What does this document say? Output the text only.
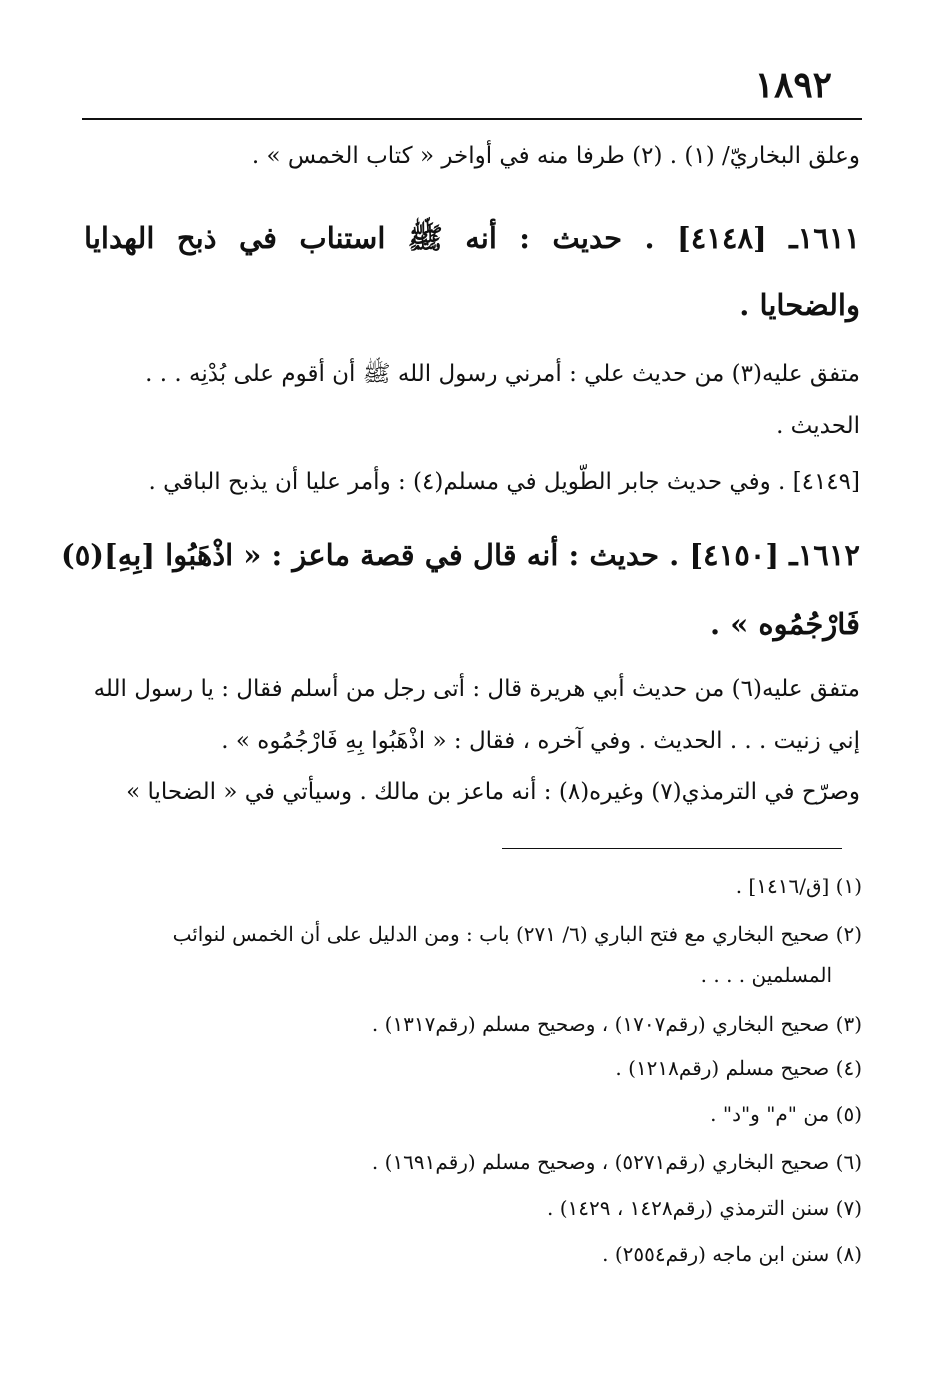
١٨٩٢
وعلق البخاريّ/ (١) . (٢) طرفا منه في أواخر « كتاب الخمس » .
١٦١١ـ [٤١٤٨] . حديث : أنه ﷺ استناب في ذبح الهدايا
والضحايا .
متفق عليه(٣) من حديث علي : أمرني رسول الله ﷺ أن أقوم على بُدْنِه . . .
الحديث .
[٤١٤٩] . وفي حديث جابر الطّويل في مسلم(٤) : وأمر عليا أن يذبح الباقي .
١٦١٢ـ [٤١٥٠] . حديث : أنه قال في قصة ماعز : « اذْهَبُوا [بِهِ](٥)
فَارْجُمُوه » .
متفق عليه(٦) من حديث أبي هريرة قال : أتى رجل من أسلم فقال : يا رسول الله
إني زنيت . . . الحديث . وفي آخره ، فقال : « اذْهَبُوا بِهِ فَارْجُمُوه » .
وصرّح في الترمذي(٧) وغيره(٨) : أنه ماعز بن مالك . وسيأتي في « الضحايا »
(١) [ق/١٤١٦] .
(٢) صحيح البخاري مع فتح الباري (٦/ ٢٧١) باب : ومن الدليل على أن الخمس لنوائب
المسلمين . . . .
(٣) صحيح البخاري (رقم١٧٠٧) ، وصحيح مسلم (رقم١٣١٧) .
(٤) صحيح مسلم (رقم١٢١٨) .
(٥) من "م" و"د" .
(٦) صحيح البخاري (رقم٥٢٧١) ، وصحيح مسلم (رقم١٦٩١) .
(٧) سنن الترمذي (رقم١٤٢٨ ، ١٤٢٩) .
(٨) سنن ابن ماجه (رقم٢٥٥٤) .
